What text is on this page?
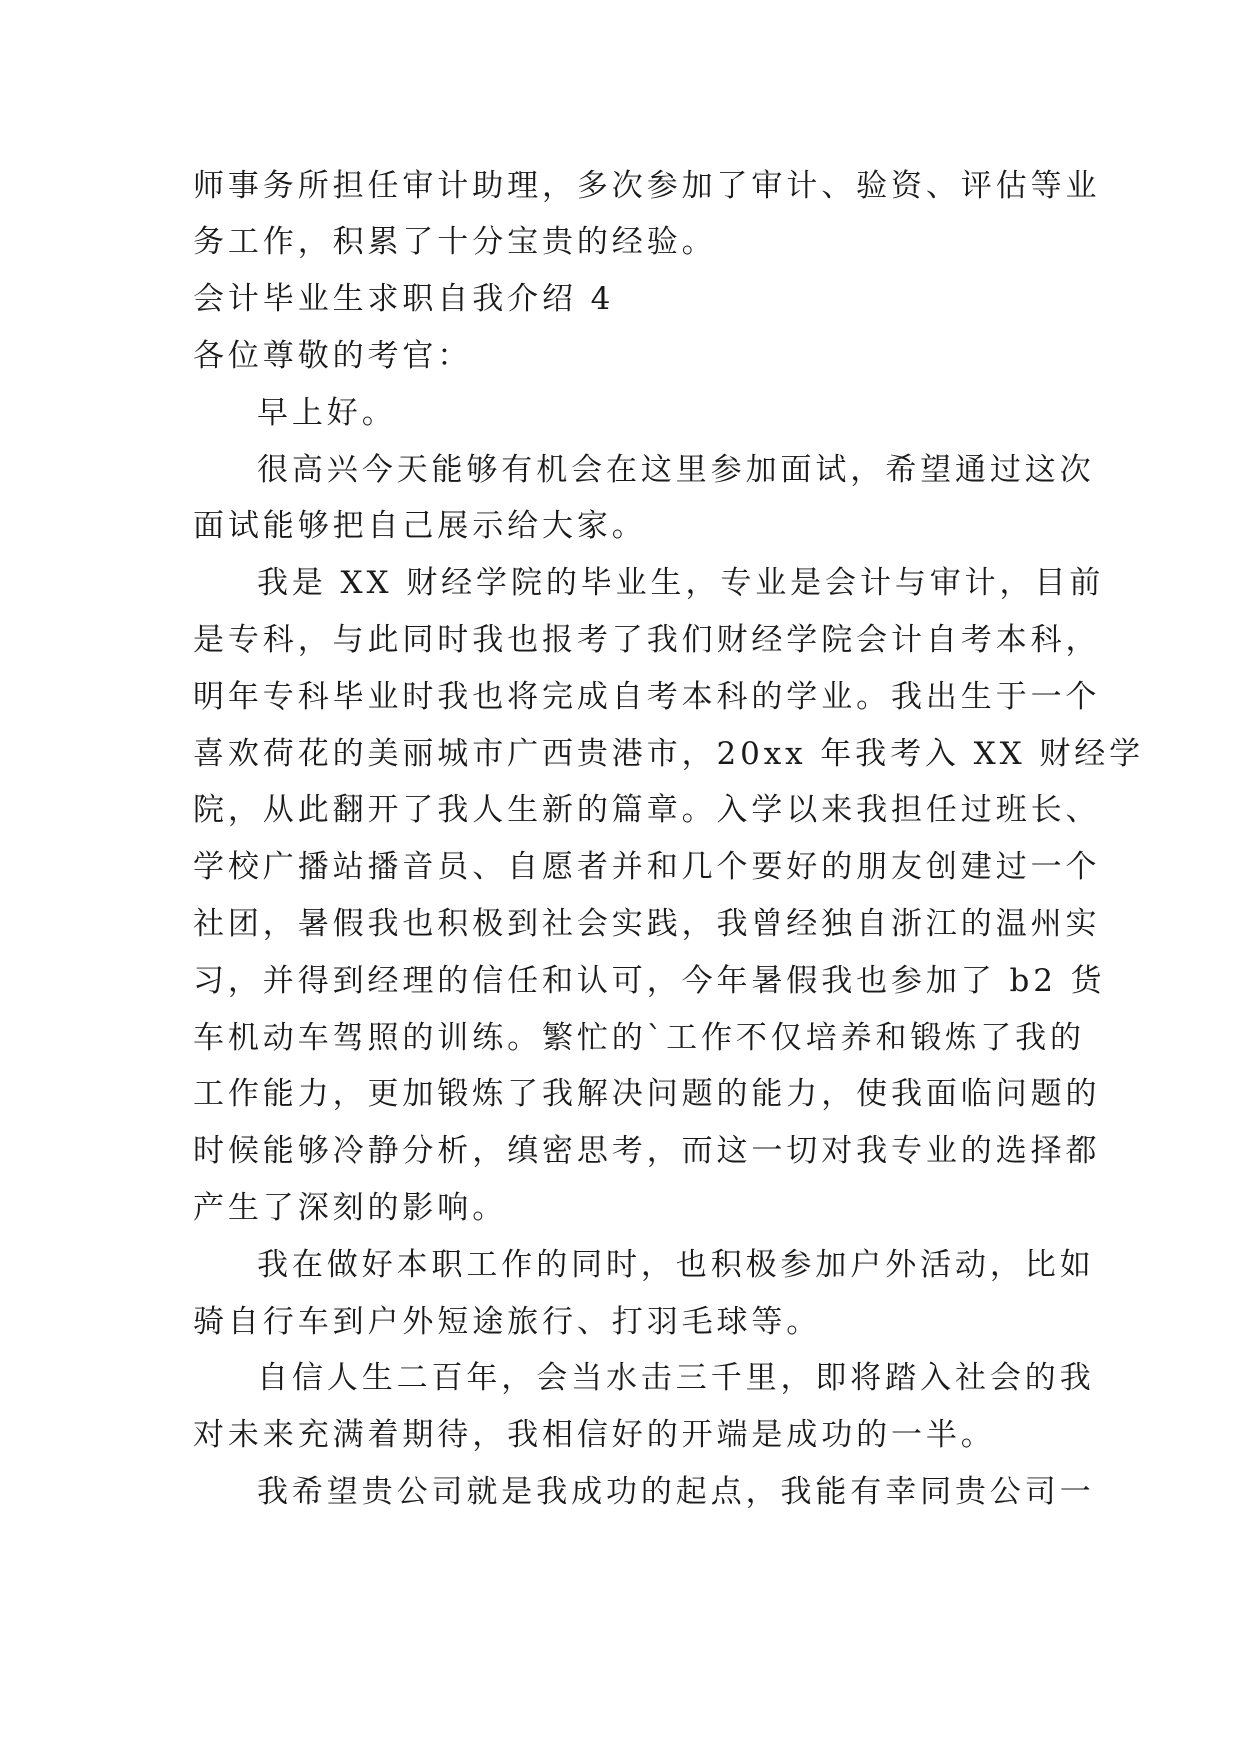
师事务所担任审计助理，多次参加了审计、验资、评估等业
务工作，积累了十分宝贵的经验。
会计毕业生求职自我介绍 4
各位尊敬的考官：
早上好。
很高兴今天能够有机会在这里参加面试，希望通过这次
面试能够把自己展示给大家。
我是 XX 财经学院的毕业生，专业是会计与审计，目前
是专科，与此同时我也报考了我们财经学院会计自考本科，
明年专科毕业时我也将完成自考本科的学业。我出生于一个
喜欢荷花的美丽城市广西贵港市，20xx 年我考入 XX 财经学
院，从此翻开了我人生新的篇章。入学以来我担任过班长、
学校广播站播音员、自愿者并和几个要好的朋友创建过一个
社团，暑假我也积极到社会实践，我曾经独自浙江的温州实
习，并得到经理的信任和认可，今年暑假我也参加了 b2 货
车机动车驾照的训练。繁忙的`工作不仅培养和锻炼了我的
工作能力，更加锻炼了我解决问题的能力，使我面临问题的
时候能够冷静分析，缜密思考，而这一切对我专业的选择都
产生了深刻的影响。
我在做好本职工作的同时，也积极参加户外活动，比如
骑自行车到户外短途旅行、打羽毛球等。
自信人生二百年，会当水击三千里，即将踏入社会的我
对未来充满着期待，我相信好的开端是成功的一半。
我希望贵公司就是我成功的起点，我能有幸同贵公司一
